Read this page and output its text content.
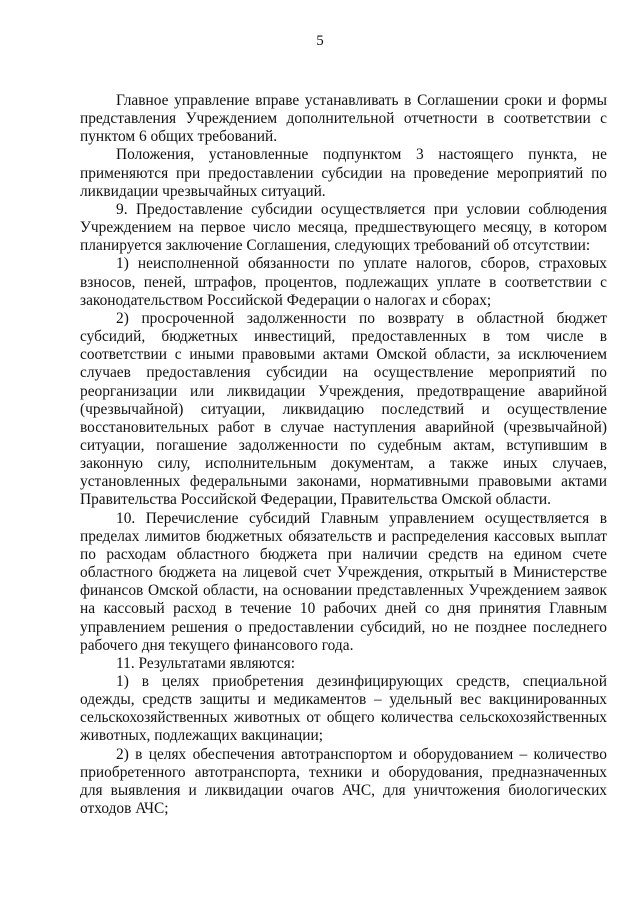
5

Главное управление вправе устанавливать в Соглашении сроки и формы представления Учреждением дополнительной отчетности в соответствии с пунктом 6 общих требований.

Положения, установленные подпунктом 3 настоящего пункта, не применяются при предоставлении субсидии на проведение мероприятий по ликвидации чрезвычайных ситуаций.

9. Предоставление субсидии осуществляется при условии соблюдения Учреждением на первое число месяца, предшествующего месяцу, в котором планируется заключение Соглашения, следующих требований об отсутствии:

1) неисполненной обязанности по уплате налогов, сборов, страховых взносов, пеней, штрафов, процентов, подлежащих уплате в соответствии с законодательством Российской Федерации о налогах и сборах;

2) просроченной задолженности по возврату в областной бюджет субсидий, бюджетных инвестиций, предоставленных в том числе в соответствии с иными правовыми актами Омской области, за исключением случаев предоставления субсидии на осуществление мероприятий по реорганизации или ликвидации Учреждения, предотвращение аварийной (чрезвычайной) ситуации, ликвидацию последствий и осуществление восстановительных работ в случае наступления аварийной (чрезвычайной) ситуации, погашение задолженности по судебным актам, вступившим в законную силу, исполнительным документам, а также иных случаев, установленных федеральными законами, нормативными правовыми актами Правительства Российской Федерации, Правительства Омской области.

10. Перечисление субсидий Главным управлением осуществляется в пределах лимитов бюджетных обязательств и распределения кассовых выплат по расходам областного бюджета при наличии средств на едином счете областного бюджета на лицевой счет Учреждения, открытый в Министерстве финансов Омской области, на основании представленных Учреждением заявок на кассовый расход в течение 10 рабочих дней со дня принятия Главным управлением решения о предоставлении субсидий, но не позднее последнего рабочего дня текущего финансового года.

11. Результатами являются:

1) в целях приобретения дезинфицирующих средств, специальной одежды, средств защиты и медикаментов – удельный вес вакцинированных сельскохозяйственных животных от общего количества сельскохозяйственных животных, подлежащих вакцинации;

2) в целях обеспечения автотранспортом и оборудованием – количество приобретенного автотранспорта, техники и оборудования, предназначенных для выявления и ликвидации очагов АЧС, для уничтожения биологических отходов АЧС;
